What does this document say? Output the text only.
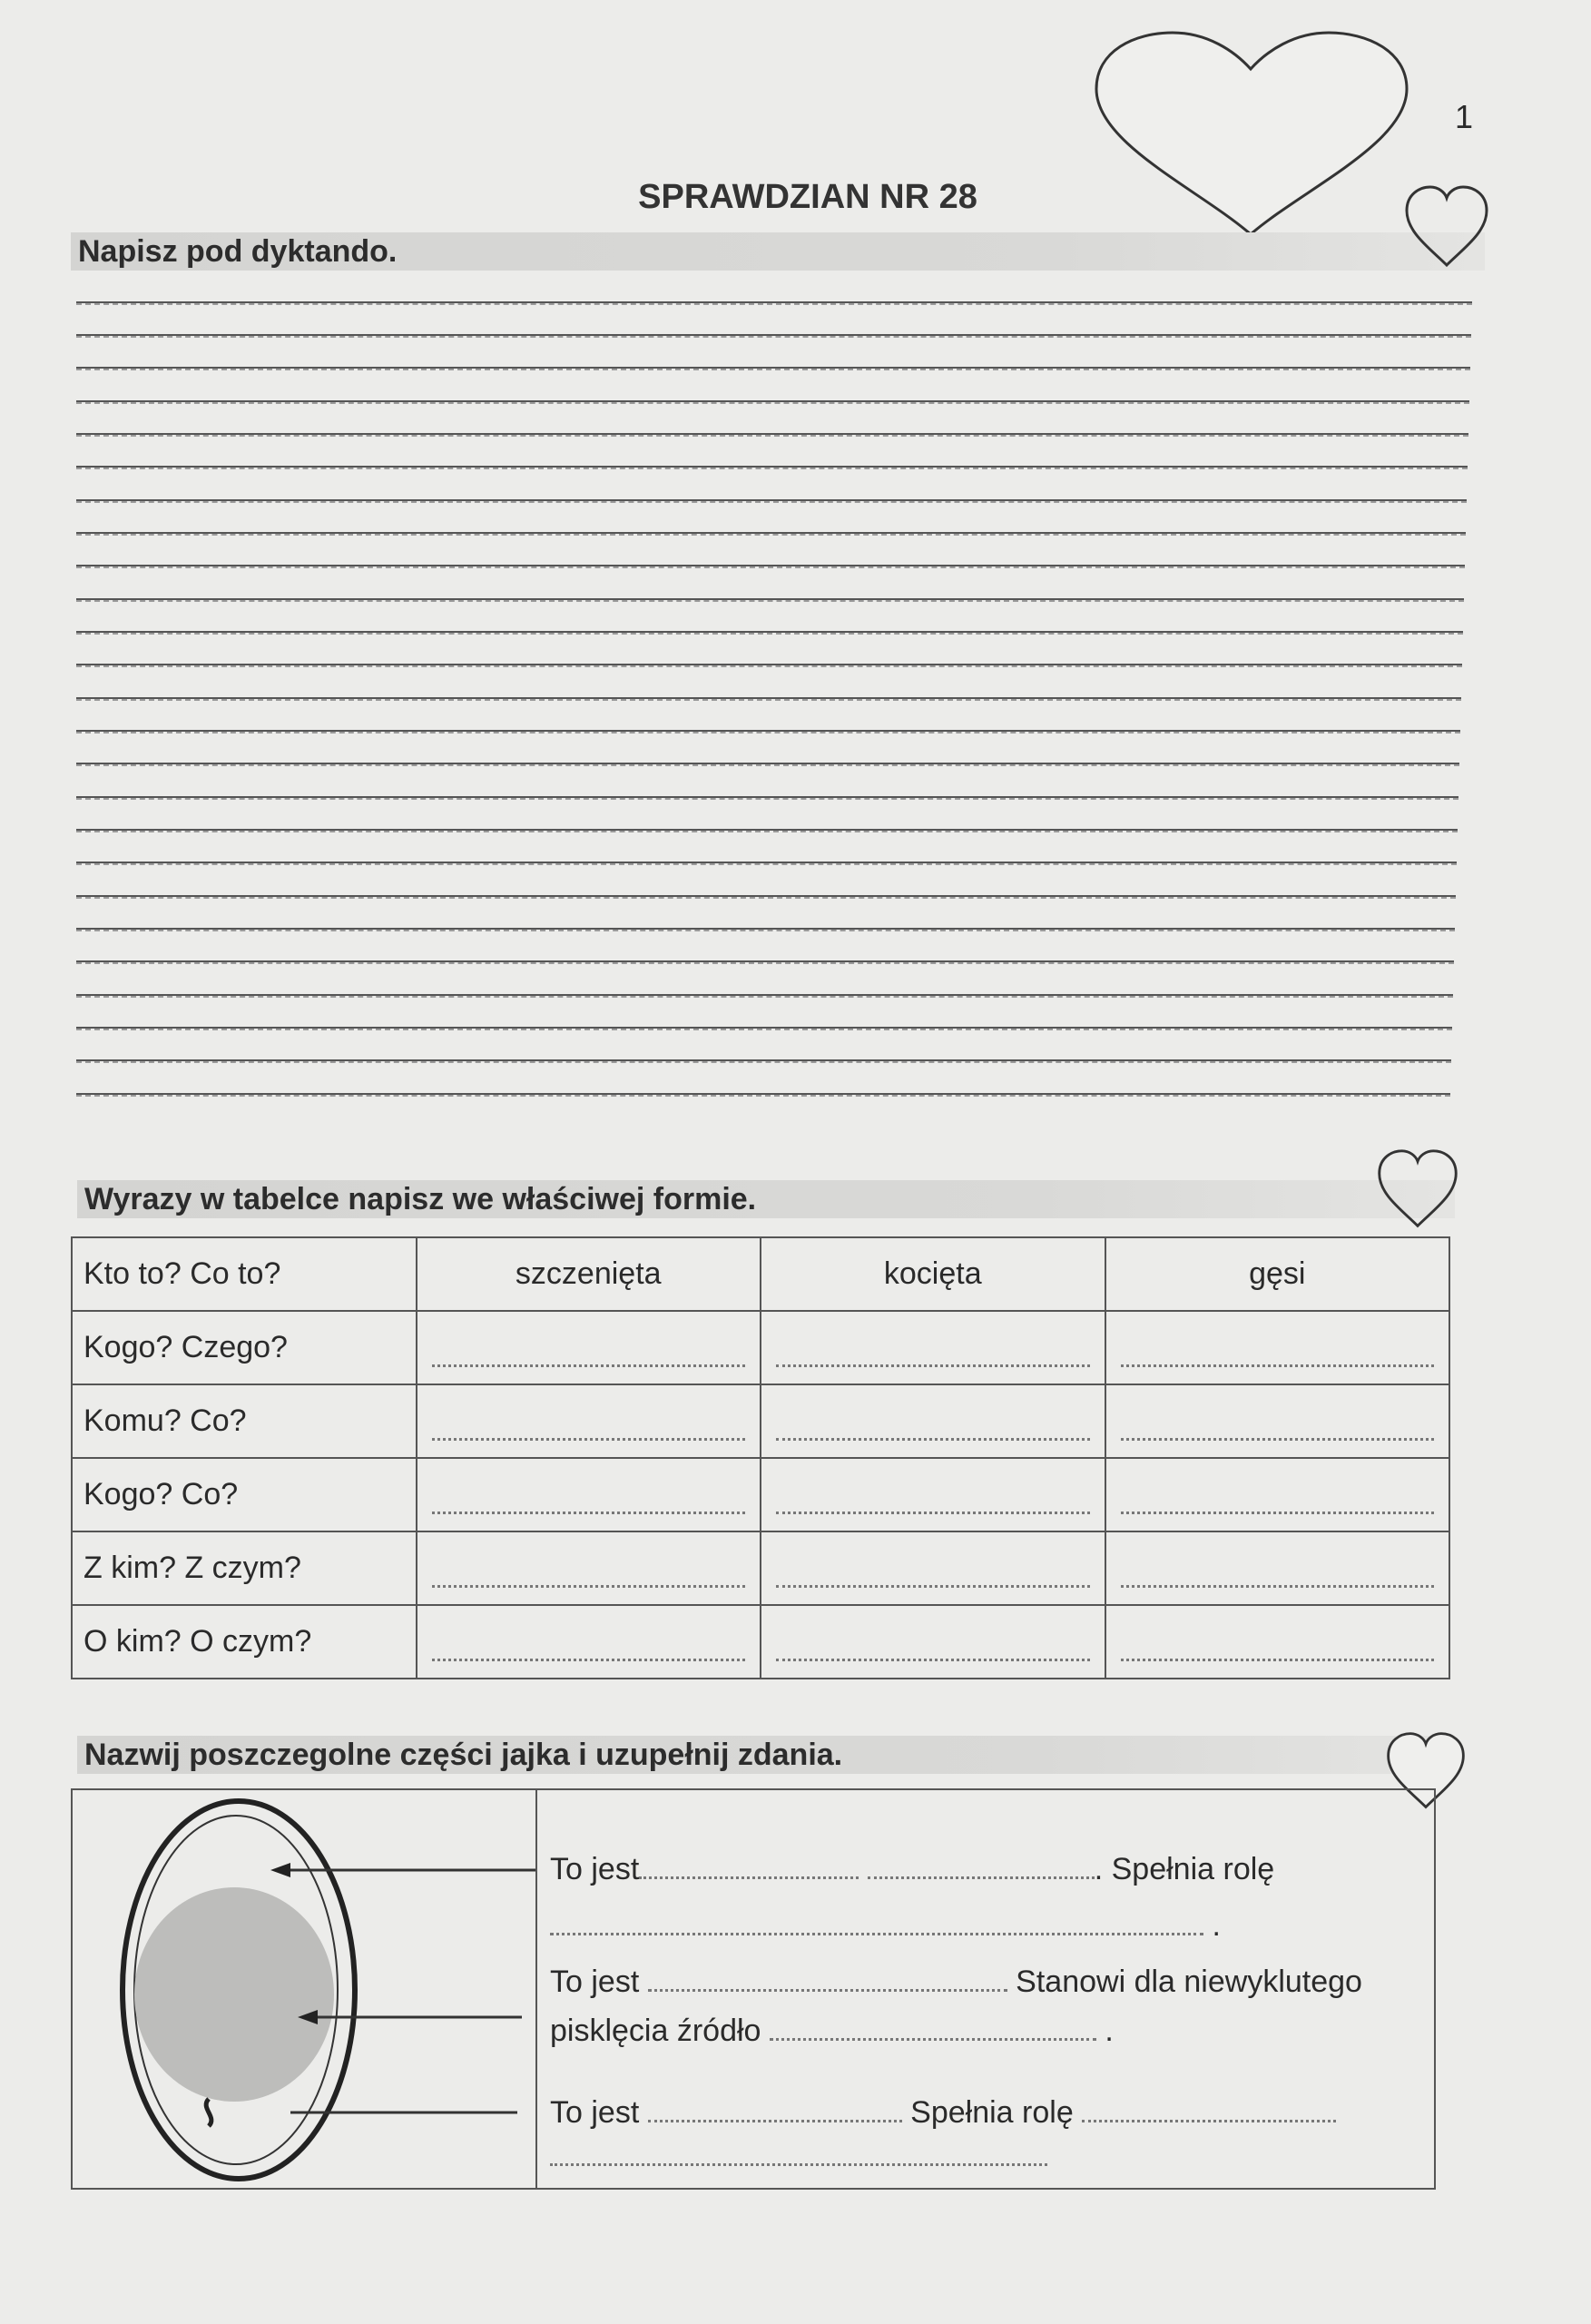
1
SPRAWDZIAN NR 28
Napisz pod dyktando.
Wyrazy w tabelce napisz we właściwej formie.
Kto to? Co to?	szczenięta	kocięta	gęsi
Kogo? Czego?	

Komu? Co?	

Kogo? Co?	

Z kim? Z czym?	

O kim? O czym?	

Nazwij poszczegolne części jajka i uzupełnij zdania.
To jest	. Spełnia rolę
.
To jest	Stanowi dla niewyklutego
pisklęcia źródło	.
To jest	Spełnia rolę
